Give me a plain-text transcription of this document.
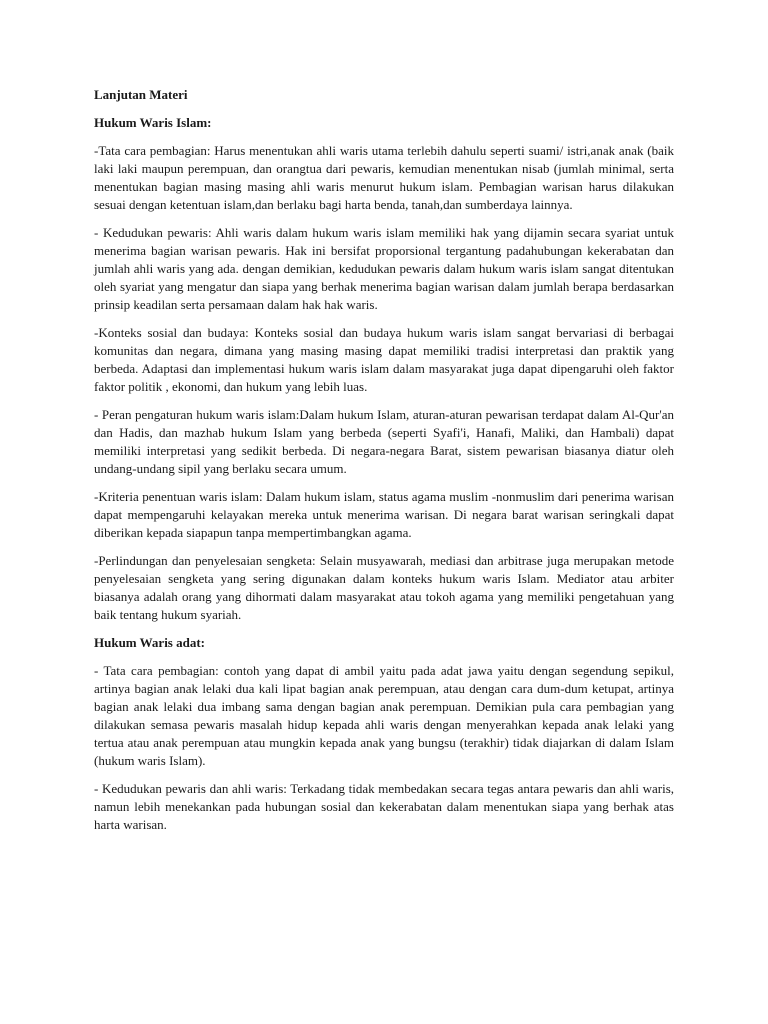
Lanjutan Materi

Hukum Waris Islam:

-Tata cara pembagian: Harus menentukan ahli waris utama terlebih dahulu seperti suami/ istri,anak anak (baik laki laki maupun perempuan, dan orangtua dari pewaris, kemudian menentukan nisab (jumlah minimal, serta menentukan bagian masing masing ahli waris menurut hukum islam. Pembagian warisan harus dilakukan sesuai dengan ketentuan islam,dan berlaku bagi harta benda, tanah,dan sumberdaya lainnya.

- Kedudukan pewaris: Ahli waris dalam hukum waris islam memiliki hak yang dijamin secara syariat untuk menerima bagian warisan pewaris. Hak ini bersifat proporsional tergantung padahubungan kekerabatan dan jumlah ahli waris yang ada. dengan demikian, kedudukan pewaris dalam hukum waris islam sangat ditentukan oleh syariat yang mengatur dan siapa yang berhak menerima bagian warisan dalam jumlah berapa berdasarkan prinsip keadilan serta persamaan dalam hak hak waris.

-Konteks sosial dan budaya: Konteks sosial dan budaya hukum waris islam sangat bervariasi di berbagai komunitas dan negara, dimana yang masing masing dapat memiliki tradisi interpretasi dan praktik yang berbeda. Adaptasi dan implementasi hukum waris islam dalam masyarakat juga dapat dipengaruhi oleh faktor faktor politik , ekonomi, dan hukum yang lebih luas.

- Peran pengaturan hukum waris islam:Dalam hukum Islam, aturan-aturan pewarisan terdapat dalam Al-Qur'an dan Hadis, dan mazhab hukum Islam yang berbeda (seperti Syafi'i, Hanafi, Maliki, dan Hambali) dapat memiliki interpretasi yang sedikit berbeda. Di negara-negara Barat, sistem pewarisan biasanya diatur oleh undang-undang sipil yang berlaku secara umum.

-Kriteria penentuan waris islam: Dalam hukum islam, status agama muslim -nonmuslim dari penerima warisan dapat mempengaruhi kelayakan mereka untuk menerima warisan. Di negara barat warisan seringkali dapat diberikan kepada siapapun tanpa mempertimbangkan agama.

-Perlindungan dan penyelesaian sengketa: Selain musyawarah, mediasi dan arbitrase juga merupakan metode penyelesaian sengketa yang sering digunakan dalam konteks hukum waris Islam. Mediator atau arbiter biasanya adalah orang yang dihormati dalam masyarakat atau tokoh agama yang memiliki pengetahuan yang baik tentang hukum syariah.

Hukum Waris adat:

- Tata cara pembagian: contoh yang dapat di ambil yaitu pada adat jawa yaitu dengan segendung sepikul, artinya bagian anak lelaki dua kali lipat bagian anak perempuan, atau dengan cara dum-dum ketupat, artinya bagian anak lelaki dua imbang sama dengan bagian anak perempuan. Demikian pula cara pembagian yang dilakukan semasa pewaris masalah hidup kepada ahli waris dengan menyerahkan kepada anak lelaki yang tertua atau anak perempuan atau mungkin kepada anak yang bungsu (terakhir) tidak diajarkan di dalam Islam (hukum waris Islam).

- Kedudukan pewaris dan ahli waris: Terkadang tidak membedakan secara tegas antara pewaris dan ahli waris, namun lebih menekankan pada hubungan sosial dan kekerabatan dalam menentukan siapa yang berhak atas harta warisan.
